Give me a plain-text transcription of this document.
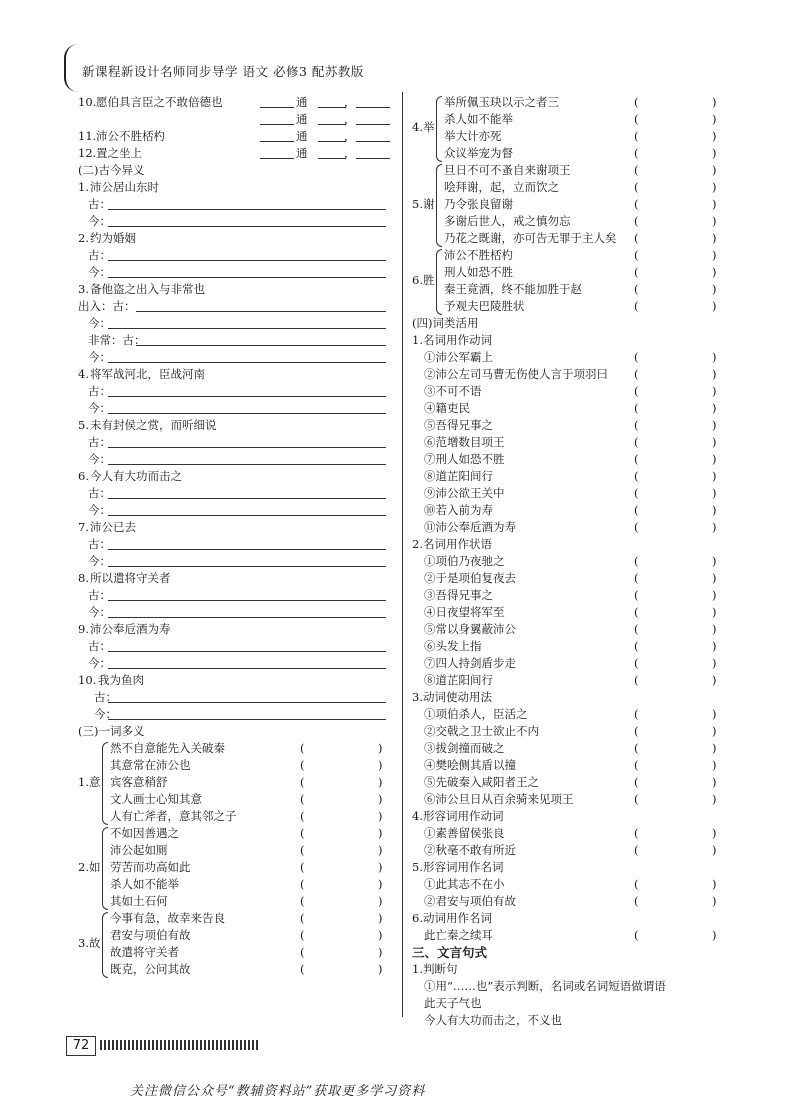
新课程新设计名师同步导学 语文 必修3 配苏教版
10. 愿伯具言臣之不敢倍德也	通	，
通	，
11. 沛公不胜桮杓	通	，
12. 置之坐上	通	，
(二)古今异义
1. 沛公居山东时
古：
今：
2. 约为婚姻
古：
今：
3. 备他盗之出入与非常也
出入：古：
今：
非常：古：
今：
4. 将军战河北，臣战河南
古：
今：
5. 未有封侯之赏，而听细说
古：
今：
6. 今人有大功而击之
古：
今：
7. 沛公已去
古：
今：
8. 所以遣将守关者
古：
今：
9. 沛公奉卮酒为寿
古：
今：
10. 我为鱼肉
古：
今：
(三)一词多义
1.意
然不自意能先入关破秦	(	)
其意常在沛公也	(	)
宾客意稍舒	(	)
文人画士心知其意	(	)
人有亡斧者，意其邻之子	(	)
2.如
不如因善遇之	(	)
沛公起如厕	(	)
劳苦而功高如此	(	)
杀人如不能举	(	)
其如土石何	(	)
3.故
今事有急，故幸来告良	(	)
君安与项伯有故	(	)
故遣将守关者	(	)
既克，公问其故	(	)
4.举
举所佩玉玦以示之者三	(	)
杀人如不能举	(	)
举大计亦死	(	)
众议举宠为督	(	)
5.谢
旦日不可不蚤自来谢项王	(	)
哙拜谢，起，立而饮之	(	)
乃令张良留谢	(	)
多谢后世人，戒之慎勿忘	(	)
乃花之既谢，亦可告无罪于主人矣 (	)
6.胜
沛公不胜桮杓	(	)
刑人如恐不胜	(	)
秦王竟酒，终不能加胜于赵	(	)
予观夫巴陵胜状	(	)
(四)词类活用
1.名词用作动词
①沛公军霸上	(	)
②沛公左司马曹无伤使人言于项羽曰 (	)
③不可不语	(	)
④籍吏民	(	)
⑤吾得兄事之	(	)
⑥范增数目项王	(	)
⑦刑人如恐不胜	(	)
⑧道芷阳间行	(	)
⑨沛公欲王关中	(	)
⑩若入前为寿	(	)
⑪沛公奉卮酒为寿	(	)
2.名词用作状语
①项伯乃夜驰之	(	)
②于是项伯复夜去	(	)
③吾得兄事之	(	)
④日夜望将军至	(	)
⑤常以身翼蔽沛公	(	)
⑥头发上指	(	)
⑦四人持剑盾步走	(	)
⑧道芷阳间行	(	)
3.动词使动用法
①项伯杀人，臣活之	(	)
②交戟之卫士欲止不内	(	)
③拔剑撞而破之	(	)
④樊哙侧其盾以撞	(	)
⑤先破秦入咸阳者王之	(	)
⑥沛公旦日从百余骑来见项王	(	)
4.形容词用作动词
①素善留侯张良	(	)
②秋毫不敢有所近	(	)
5.形容词用作名词
①此其志不在小	(	)
②君安与项伯有故	(	)
6.动词用作名词
此亡秦之续耳	(	)
三、文言句式
1.判断句
①用“……也”表示判断，名词或名词短语做谓语
此天子气也
今人有大功而击之，不义也
72
关注微信公众号“教辅资料站”获取更多学习资料
